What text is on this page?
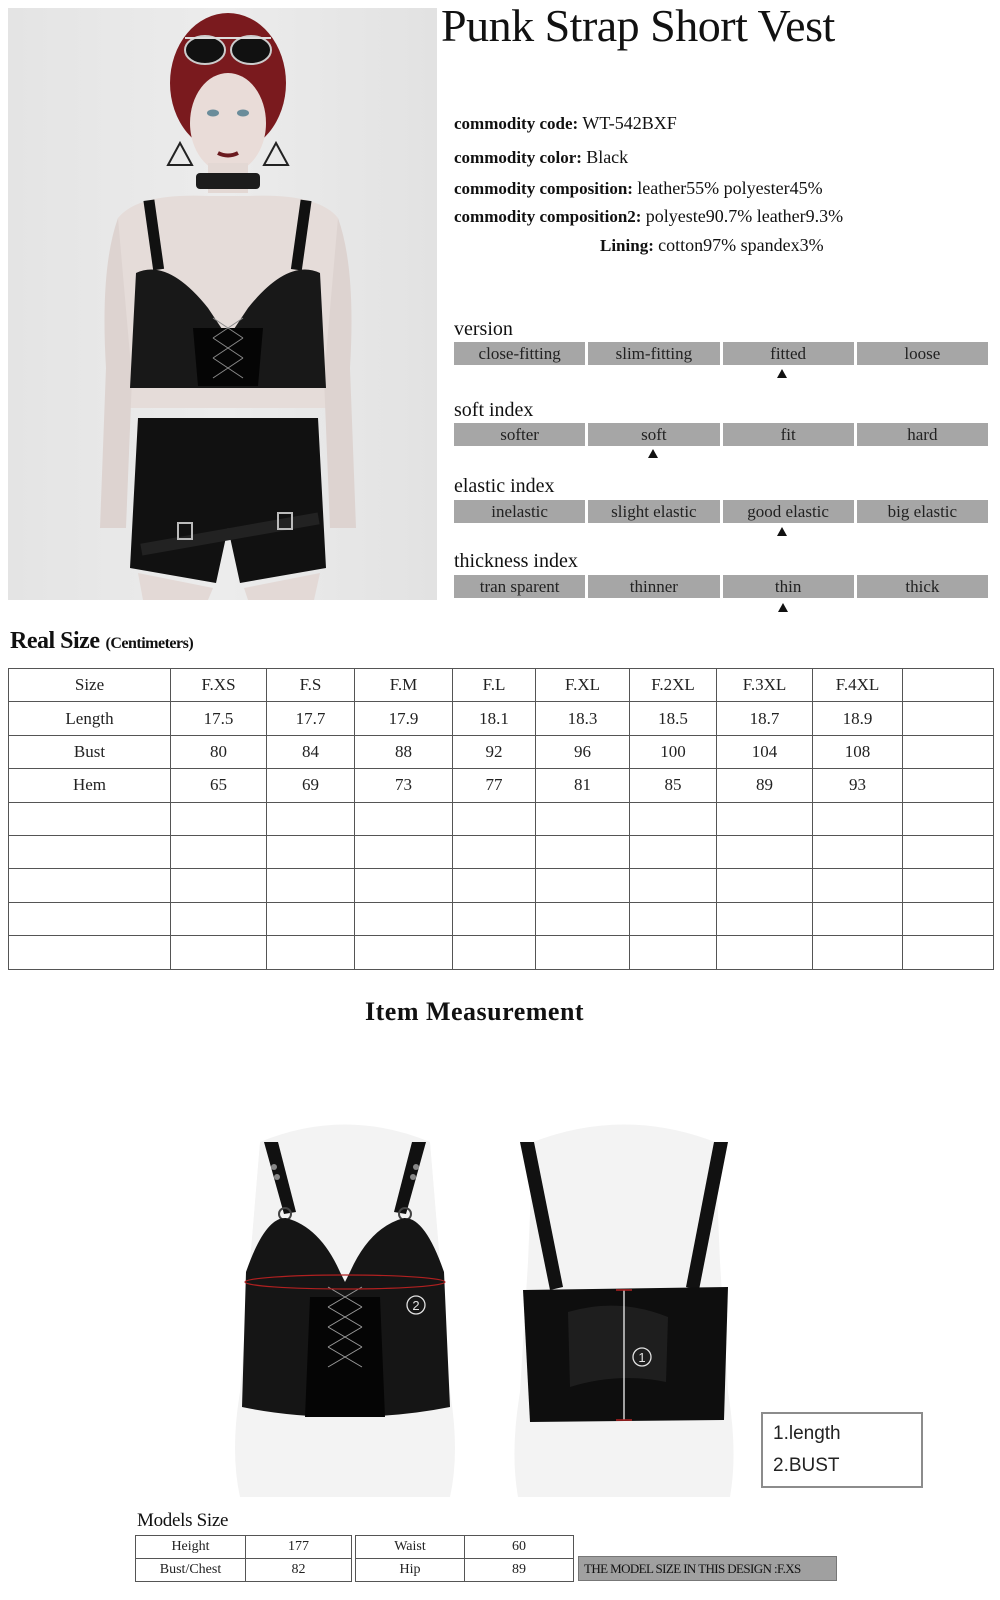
Punk Strap Short Vest
commodity code: WT-542BXF
commodity color: Black
commodity composition: leather55% polyester45%
commodity composition2: polyeste90.7% leather9.3%
Lining: cotton97% spandex3%
version
close-fitting	slim-fitting	fitted	loose
soft index
softer	soft	fit	hard
elastic index
inelastic	slight elastic	good elastic	big elastic
thickness index
tran sparent	thinner	thin	thick
Real Size (Centimeters)
Size	F.XS	F.S	F.M	F.L	F.XL	F.2XL	F.3XL	F.4XL	
Length	17.5	17.7	17.9	18.1	18.3	18.5	18.7	18.9	
Bust	80	84	88	92	96	100	104	108	
Hem	65	69	73	77	81	85	89	93	

Item Measurement
2
1
1.length
2.BUST
Models Size
Height	177
Bust/Chest	82
Waist	60
Hip	89	THE MODEL SIZE IN THIS DESIGN :F.XS
